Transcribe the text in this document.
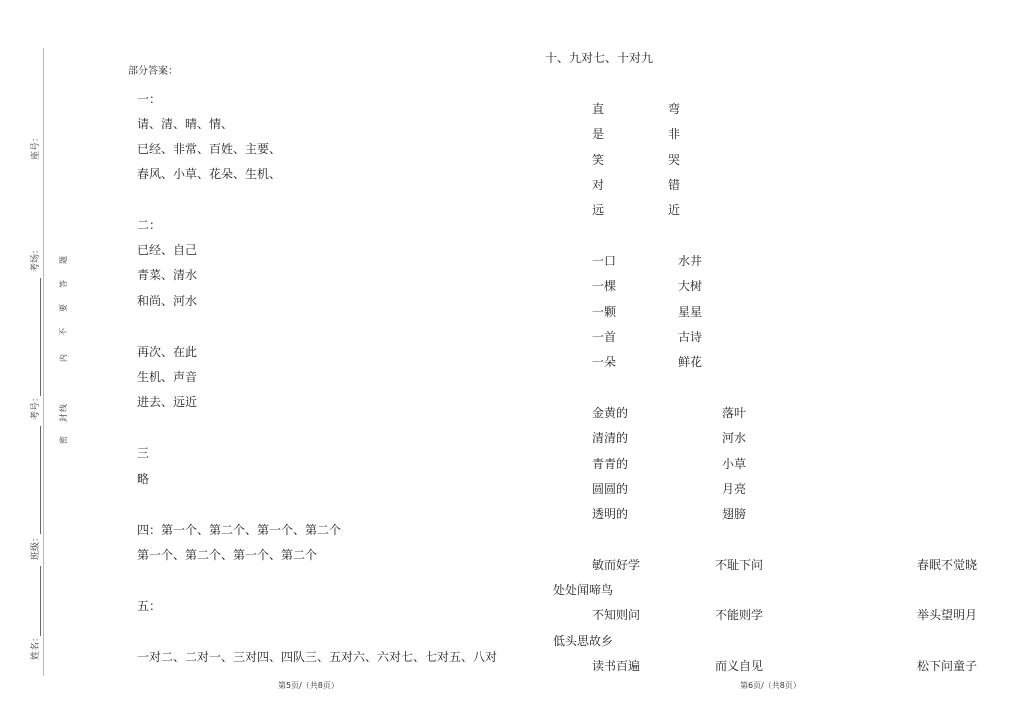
座号：
考场：
考号：
班级：
姓名：
题
答
要
不
内
线
封
密
部分答案：
一：
请、清、晴、情、
已经、非常、百姓、主要、
春风、小草、花朵、生机、
二：
已经、自己
青菜、清水
和尚、河水
再次、在此
生机、声音
进去、远近
三
略
四：第一个、第二个、第一个、第二个
第一个、第二个、第一个、第二个
五：
一对二、二对一、三对四、四队三、五对六、六对七、七对五、八对
第5页/（共8页）
十、九对七、十对九
直	弯
是	非
笑	哭
对	错
远	近
一口	水井
一棵	大树
一颗	星星
一首	古诗
一朵	鲜花
金黄的	落叶
清清的	河水
青青的	小草
圆圆的	月亮
透明的	翅膀
敏而好学	不耻下问	春眠不觉晓
处处闻啼鸟
不知则问	不能则学	举头望明月
低头思故乡
读书百遍	而义自见	松下问童子
第6页/（共8页）
